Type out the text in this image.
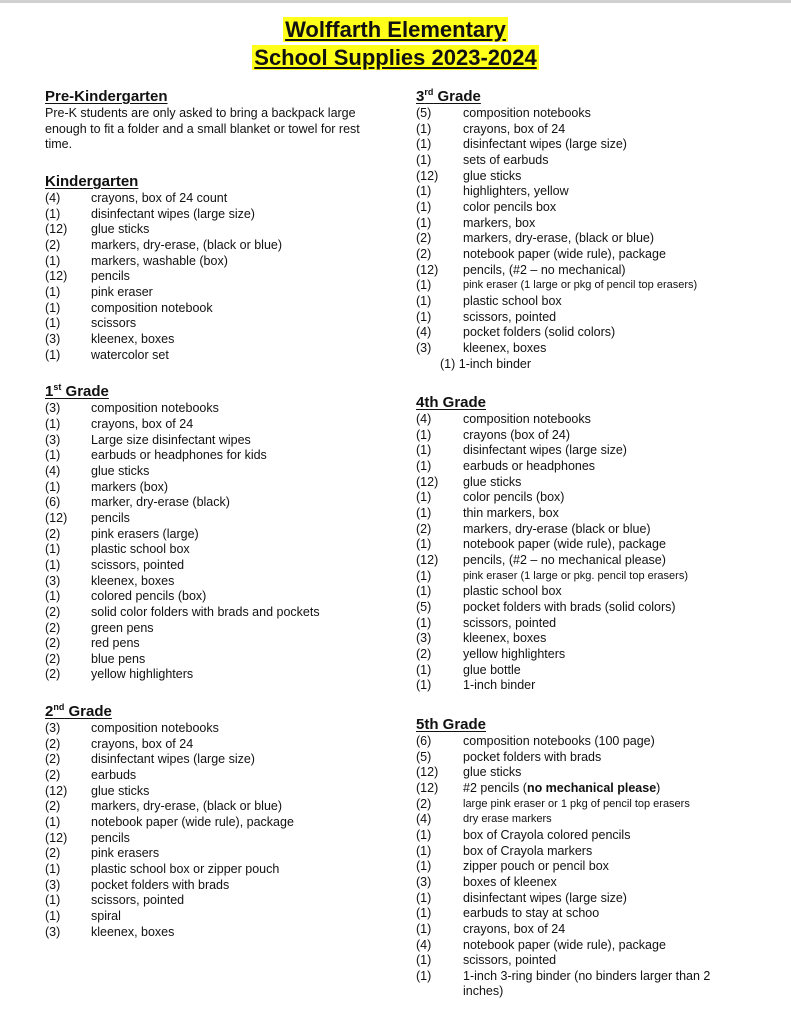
Wolffarth Elementary
School Supplies 2023-2024
Pre-Kindergarten
Pre-K students are only asked to bring a backpack large enough to fit a folder and a small blanket or towel for rest time.
Kindergarten
(4)	crayons, box of 24 count
(1)	disinfectant wipes (large size)
(12)	glue sticks
(2)	markers, dry-erase, (black or blue)
(1)	markers, washable (box)
(12)	pencils
(1)	pink eraser
(1)	composition notebook
(1)	scissors
(3)	kleenex, boxes
(1)	watercolor set
1st Grade
(3)	composition notebooks
(1)	crayons, box of 24
(3)	Large size disinfectant wipes
(1)	earbuds or headphones for kids
(4)	glue sticks
(1)	markers (box)
(6)	marker, dry-erase (black)
(12)	pencils
(2)	pink erasers (large)
(1)	plastic school box
(1)	scissors, pointed
(3)	kleenex, boxes
(1)	colored pencils (box)
(2)	solid color folders with brads and pockets
(2)	green pens
(2)	red pens
(2)	blue pens
(2)	yellow highlighters
2nd Grade
(3)	composition notebooks
(2)	crayons, box of 24
(2)	disinfectant wipes (large size)
(2)	earbuds
(12)	glue sticks
(2)	markers, dry-erase, (black or blue)
(1)	notebook paper (wide rule), package
(12)	pencils
(2)	pink erasers
(1)	plastic school box or zipper pouch
(3)	pocket folders with brads
(1)	scissors, pointed
(1)	spiral
(3)	kleenex, boxes
3rd Grade
(5)	composition notebooks
(1)	crayons, box of 24
(1)	disinfectant wipes (large size)
(1)	sets of earbuds
(12)	glue sticks
(1)	highlighters, yellow
(1)	color pencils box
(1)	markers, box
(2)	markers, dry-erase, (black or blue)
(2)	notebook paper (wide rule), package
(12)	pencils, (#2 – no mechanical)
(1)	pink eraser (1 large or pkg of pencil top erasers)
(1)	plastic school box
(1)	scissors, pointed
(4)	pocket folders (solid colors)
(3)	kleenex, boxes
(1) 1-inch binder
4th Grade
(4)	composition notebooks
(1)	crayons (box of 24)
(1)	disinfectant wipes (large size)
(1)	earbuds or headphones
(12)	glue sticks
(1)	color pencils (box)
(1)	thin markers, box
(2)	markers, dry-erase (black or blue)
(1)	notebook paper (wide rule), package
(12)	pencils, (#2 – no mechanical please)
(1)	pink eraser (1 large or pkg. pencil top erasers)
(1)	plastic school box
(5)	pocket folders with brads (solid colors)
(1)	scissors, pointed
(3)	kleenex, boxes
(2)	yellow highlighters
(1)	glue bottle
(1)	1-inch binder
5th Grade
(6)	composition notebooks (100 page)
(5)	pocket folders with brads
(12)	glue sticks
(12)	#2 pencils (no mechanical please)
(2)	large pink eraser or 1 pkg of pencil top erasers
(4)	dry erase markers
(1)	box of Crayola colored pencils
(1)	box of Crayola markers
(1)	zipper pouch or pencil box
(3)	boxes of kleenex
(1)	disinfectant wipes (large size)
(1)	earbuds to stay at schoo
(1)	crayons, box of 24
(4)	notebook paper (wide rule), package
(1)	scissors, pointed
(1)	1-inch 3-ring binder (no binders larger than 2 inches)
